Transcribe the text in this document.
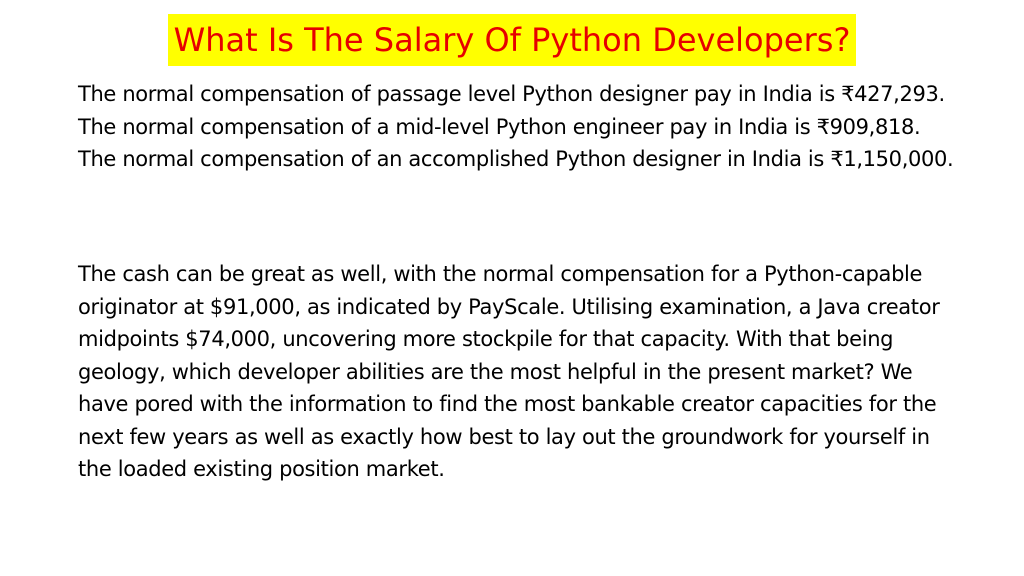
What Is The Salary Of Python Developers?

The normal compensation of passage level Python designer pay in India is ₹427,293. The normal compensation of a mid-level Python engineer pay in India is ₹909,818. The normal compensation of an accomplished Python designer in India is ₹1,150,000.

The cash can be great as well, with the normal compensation for a Python-capable originator at $91,000, as indicated by PayScale. Utilising examination, a Java creator midpoints $74,000, uncovering more stockpile for that capacity. With that being geology, which developer abilities are the most helpful in the present market? We have pored with the information to find the most bankable creator capacities for the next few years as well as exactly how best to lay out the groundwork for yourself in the loaded existing position market.
